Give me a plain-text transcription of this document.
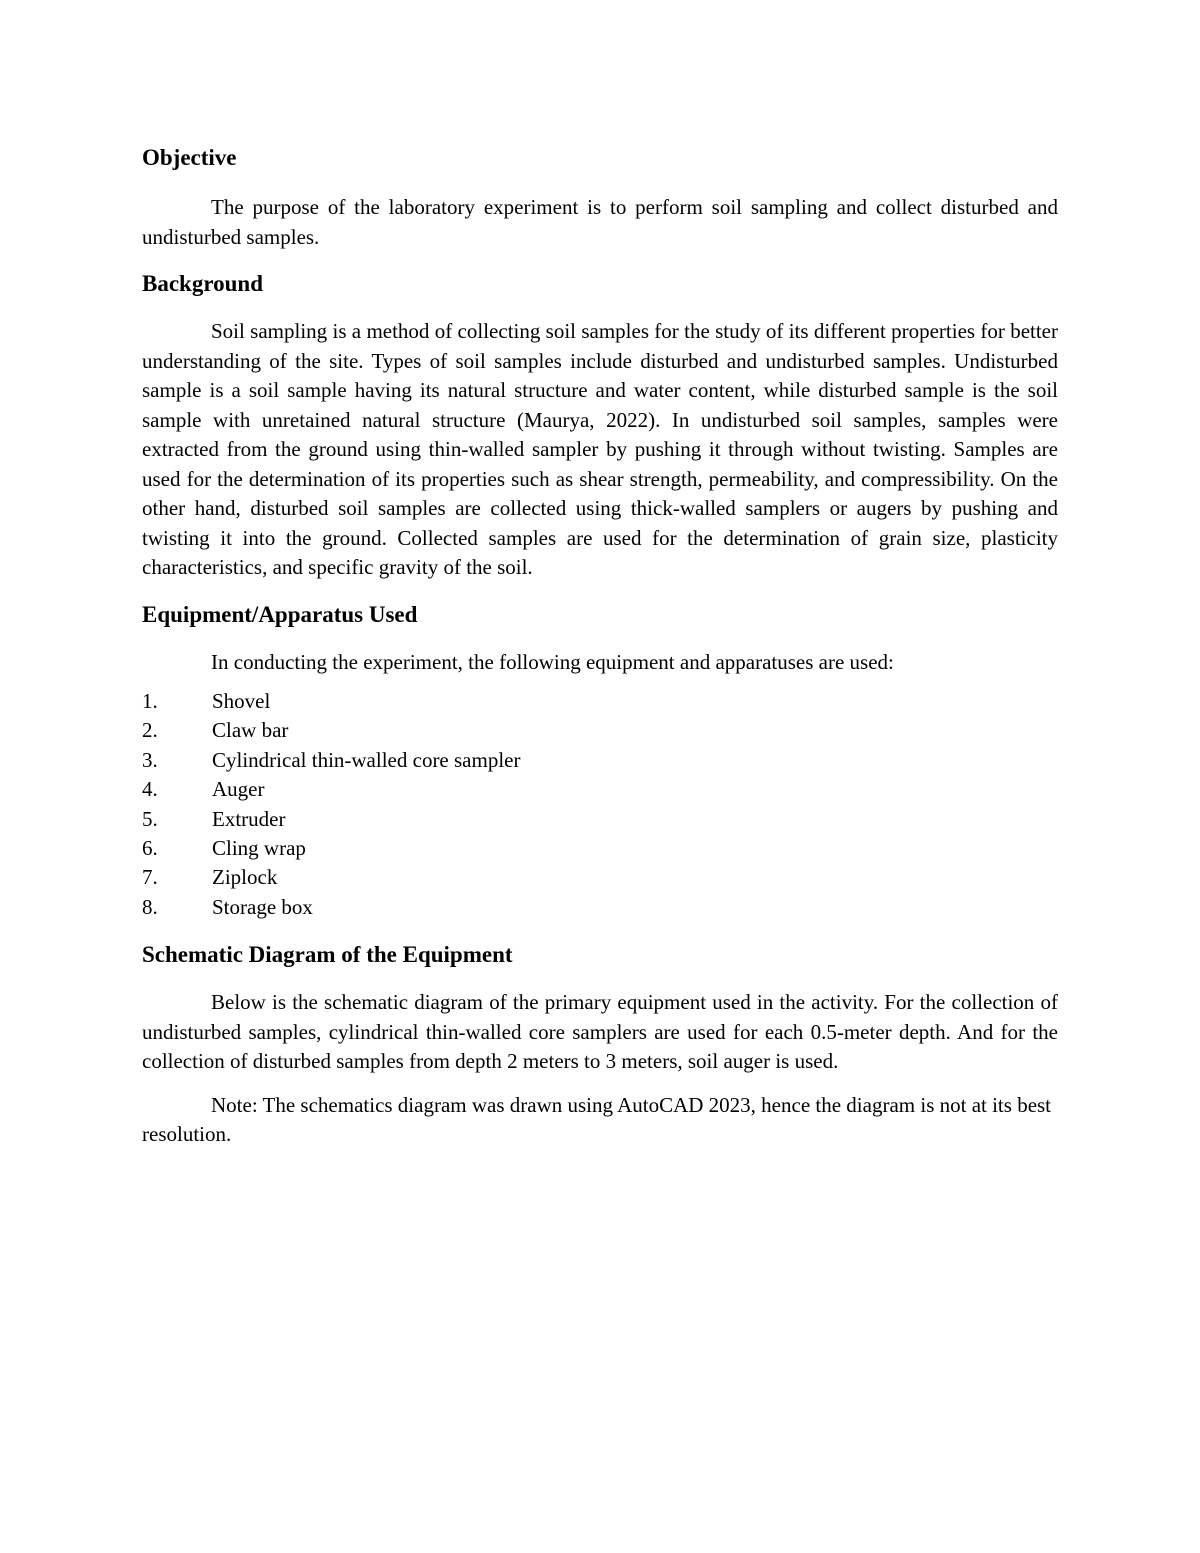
Objective

The purpose of the laboratory experiment is to perform soil sampling and collect disturbed and undisturbed samples.

Background

Soil sampling is a method of collecting soil samples for the study of its different properties for better understanding of the site. Types of soil samples include disturbed and undisturbed samples. Undisturbed sample is a soil sample having its natural structure and water content, while disturbed sample is the soil sample with unretained natural structure (Maurya, 2022). In undisturbed soil samples, samples were extracted from the ground using thin-walled sampler by pushing it through without twisting. Samples are used for the determination of its properties such as shear strength, permeability, and compressibility. On the other hand, disturbed soil samples are collected using thick-walled samplers or augers by pushing and twisting it into the ground. Collected samples are used for the determination of grain size, plasticity characteristics, and specific gravity of the soil.

Equipment/Apparatus Used

In conducting the experiment, the following equipment and apparatuses are used:

1.	Shovel
2.	Claw bar
3.	Cylindrical thin-walled core sampler
4.	Auger
5.	Extruder
6.	Cling wrap
7.	Ziplock
8.	Storage box
Schematic Diagram of the Equipment

Below is the schematic diagram of the primary equipment used in the activity. For the collection of undisturbed samples, cylindrical thin-walled core samplers are used for each 0.5-meter depth. And for the collection of disturbed samples from depth 2 meters to 3 meters, soil auger is used.

Note: The schematics diagram was drawn using AutoCAD 2023, hence the diagram is not at its best resolution.
